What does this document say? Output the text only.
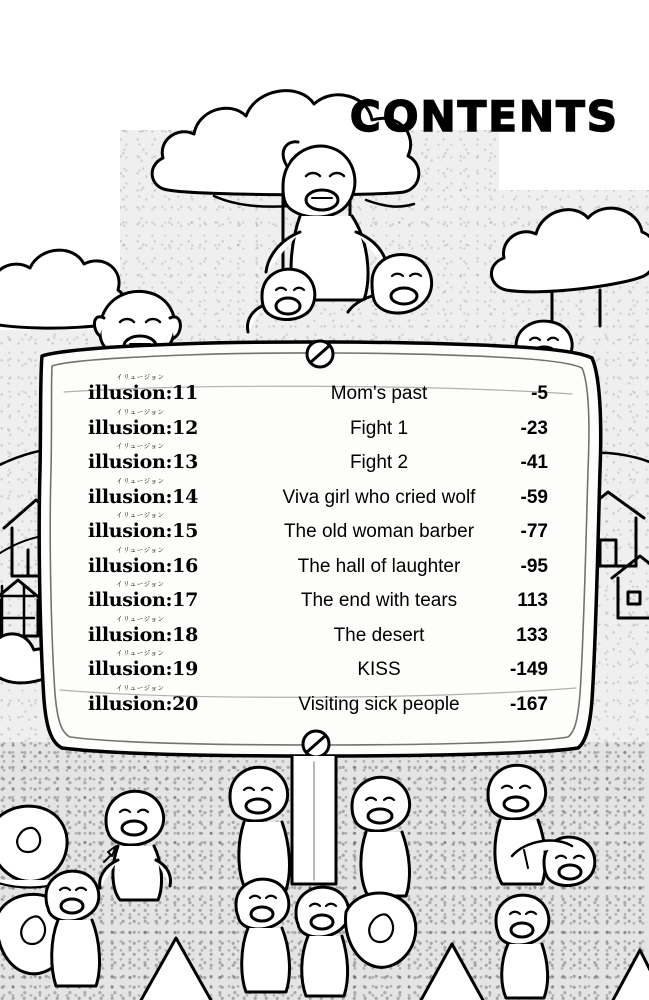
CONTENTS
イリュージョン
illusion:11	Mom's past	-5
イリュージョン
illusion:12	Fight 1	-23
イリュージョン
illusion:13	Fight 2	-41
イリュージョン
illusion:14	Viva girl who cried wolf	-59
イリュージョン
illusion:15	The old woman barber	-77
イリュージョン
illusion:16	The hall of laughter	-95
イリュージョン
illusion:17	The end with tears	113
イリュージョン
illusion:18	The desert	133
イリュージョン
illusion:19	KISS	-149
イリュージョン
illusion:20	Visiting sick people	-167
